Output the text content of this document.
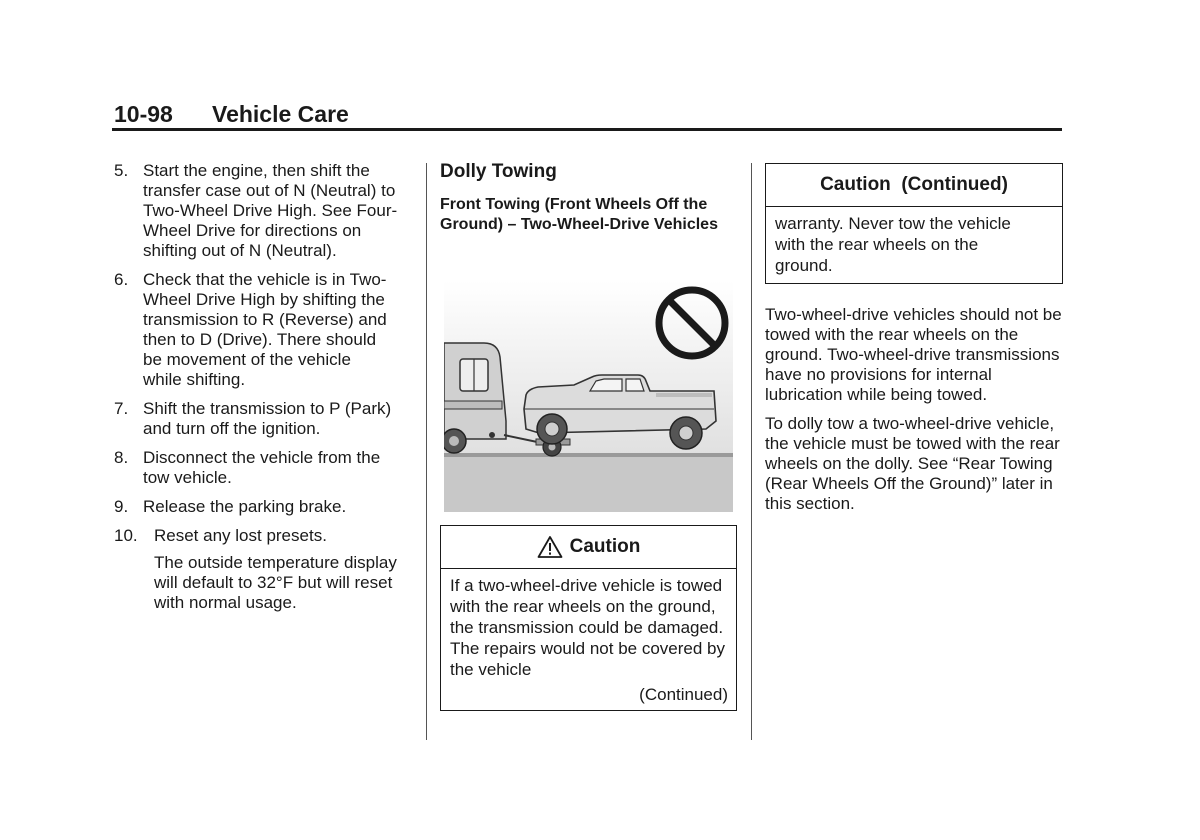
10-98 Vehicle Care
5. Start the engine, then shift the transfer case out of N (Neutral) to Two-Wheel Drive High. See Four-Wheel Drive for directions on shifting out of N (Neutral).
6. Check that the vehicle is in Two-Wheel Drive High by shifting the transmission to R (Reverse) and then to D (Drive). There should be movement of the vehicle while shifting.
7. Shift the transmission to P (Park) and turn off the ignition.
8. Disconnect the vehicle from the tow vehicle.
9. Release the parking brake.
10. Reset any lost presets.
The outside temperature display will default to 32°F but will reset with normal usage.
Dolly Towing
Front Towing (Front Wheels Off the Ground) – Two-Wheel-Drive Vehicles
Caution
If a two-wheel-drive vehicle is towed with the rear wheels on the ground, the transmission could be damaged. The repairs would not be covered by the vehicle
(Continued)
Caution  (Continued)
warranty. Never tow the vehicle with the rear wheels on the ground.
Two-wheel-drive vehicles should not be towed with the rear wheels on the ground. Two-wheel-drive transmissions have no provisions for internal lubrication while being towed.
To dolly tow a two-wheel-drive vehicle, the vehicle must be towed with the rear wheels on the dolly. See “Rear Towing (Rear Wheels Off the Ground)” later in this section.
